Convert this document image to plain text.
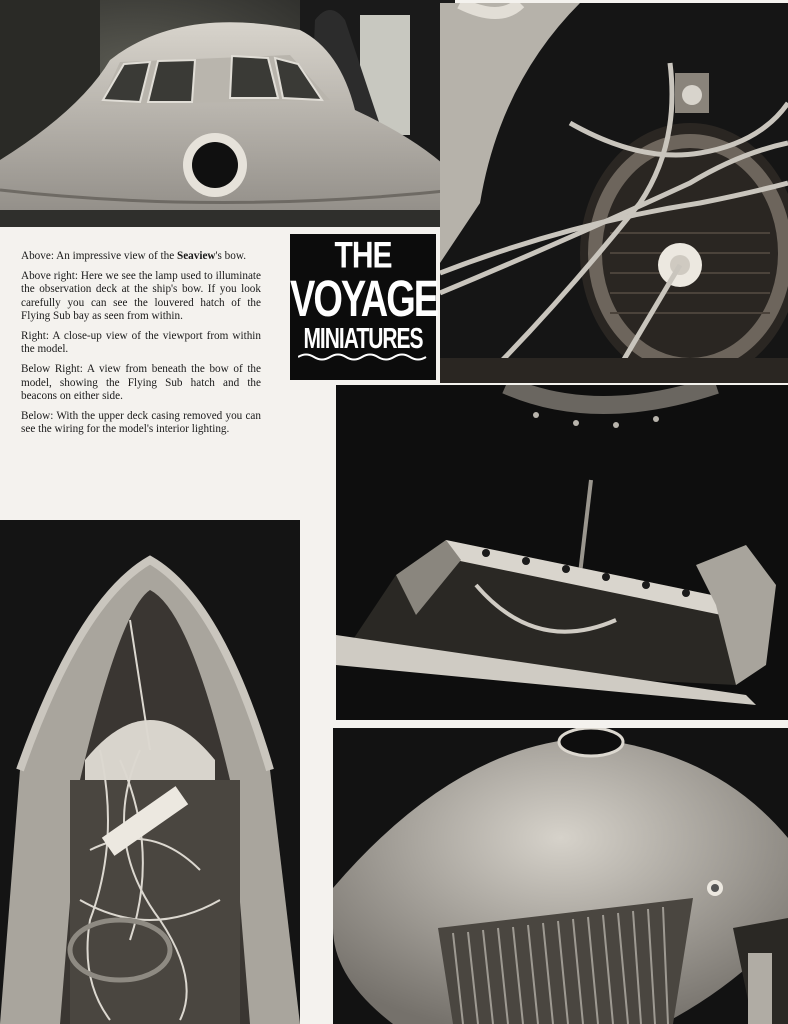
THE
VOYAGE
MINIATURES

Above: An impressive view of the Seaview's bow.

Above right: Here we see the lamp used to illuminate the observation deck at the ship's bow. If you look carefully you can see the louvered hatch of the Flying Sub bay as seen from within.

Right: A close-up view of the viewport from within the model.

Below Right: A view from beneath the bow of the model, showing the Flying Sub hatch and the beacons on either side.

Below: With the upper deck casing removed you can see the wiring for the model's interior lighting.
